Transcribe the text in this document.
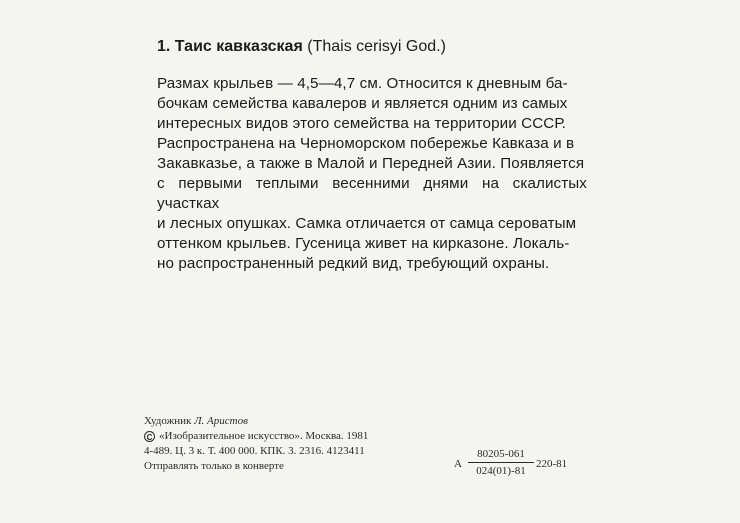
1. Таис кавказская (Thais cerisyi God.)
Размах крыльев — 4,5—4,7 см. Относится к дневным ба-
бочкам семейства кавалеров и является одним из самых
интересных видов этого семейства на территории СССР.
Распространена на Черноморском побережье Кавказа и в
Закавказье, а также в Малой и Передней Азии. Появляется
с первыми теплыми весенними днями на скалистых участках
и лесных опушках. Самка отличается от самца сероватым
оттенком крыльев. Гусеница живет на кирказоне. Локаль-
но распространенный редкий вид, требующий охраны.
Художник Л. Аристов
С «Изобразительное искусство». Москва. 1981
4-489. Ц. 3 к. Т. 400 000. КПК. 3. 2316. 4123411
Отправлять только в конверте	А
80205-061
024(01)-81
220-81
